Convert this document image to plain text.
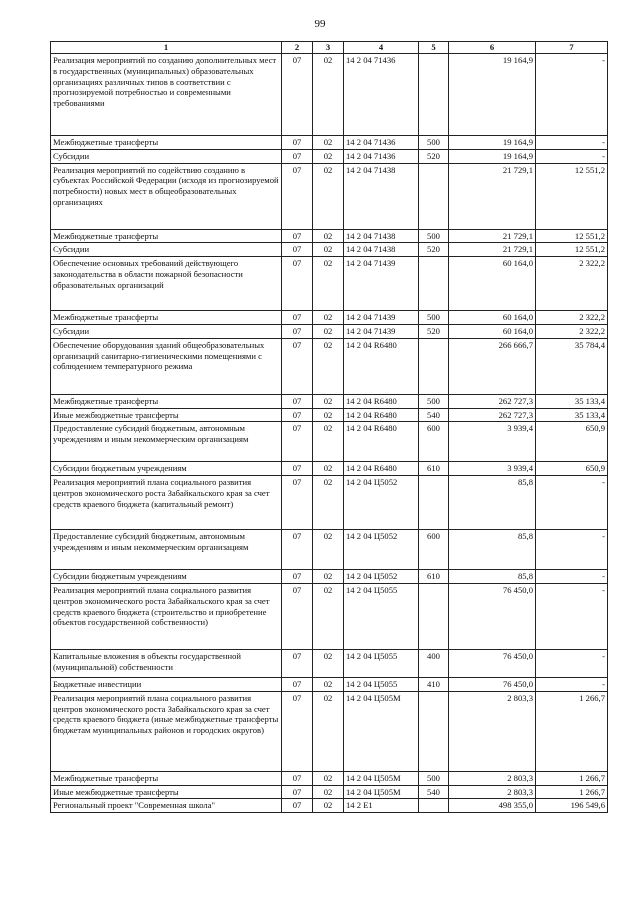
99
1	2	3	4	5	6	7
Реализация мероприятий по созданию дополнительных мест в государственных (муниципальных) образовательных организациях различных типов в соответствии с прогнозируемой потребностью и современными требованиями	07	02	14 2 04 71436		19 164,9	-
Межбюджетные трансферты	07	02	14 2 04 71436	500	19 164,9	-
Субсидии	07	02	14 2 04 71436	520	19 164,9	-
Реализация мероприятий по содействию созданию в субъектах Российской Федерации (исходя из прогнозируемой потребности) новых мест в общеобразовательных организациях	07	02	14 2 04 71438		21 729,1	12 551,2
Межбюджетные трансферты	07	02	14 2 04 71438	500	21 729,1	12 551,2
Субсидии	07	02	14 2 04 71438	520	21 729,1	12 551,2
Обеспечение основных требований действующего законодательства в области пожарной безопасности образовательных организаций	07	02	14 2 04 71439		60 164,0	2 322,2
Межбюджетные трансферты	07	02	14 2 04 71439	500	60 164,0	2 322,2
Субсидии	07	02	14 2 04 71439	520	60 164,0	2 322,2
Обеспечение оборудования зданий общеобразовательных организаций санитарно-гигиеническими помещениями с соблюдением температурного режима	07	02	14 2 04 R6480		266 666,7	35 784,4
Межбюджетные трансферты	07	02	14 2 04 R6480	500	262 727,3	35 133,4
Иные межбюджетные трансферты	07	02	14 2 04 R6480	540	262 727,3	35 133,4
Предоставление субсидий бюджетным, автономным учреждениям и иным некоммерческим организациям	07	02	14 2 04 R6480	600	3 939,4	650,9
Субсидии бюджетным учреждениям	07	02	14 2 04 R6480	610	3 939,4	650,9
Реализация мероприятий плана социального развития центров экономического роста Забайкальского края за счет средств краевого бюджета (капитальный ремонт)	07	02	14 2 04 Ц5052		85,8	-
Предоставление субсидий бюджетным, автономным учреждениям и иным некоммерческим организациям	07	02	14 2 04 Ц5052	600	85,8	-
Субсидии бюджетным учреждениям	07	02	14 2 04 Ц5052	610	85,8	-
Реализация мероприятий плана социального развития центров экономического роста Забайкальского края за счет средств краевого бюджета (строительство и приобретение объектов государственной собственности)	07	02	14 2 04 Ц5055		76 450,0	-
Капитальные вложения в объекты государственной (муниципальной) собственности	07	02	14 2 04 Ц5055	400	76 450,0	-
Бюджетные инвестиции	07	02	14 2 04 Ц5055	410	76 450,0	-
Реализация мероприятий плана социального развития центров экономического роста Забайкальского края за счет средств краевого бюджета (иные межбюджетные трансферты бюджетам муниципальных районов и городских округов)	07	02	14 2 04 Ц505М		2 803,3	1 266,7
Межбюджетные трансферты	07	02	14 2 04 Ц505М	500	2 803,3	1 266,7
Иные межбюджетные трансферты	07	02	14 2 04 Ц505М	540	2 803,3	1 266,7
Региональный проект "Современная школа"	07	02	14 2 E1		498 355,0	196 549,6
